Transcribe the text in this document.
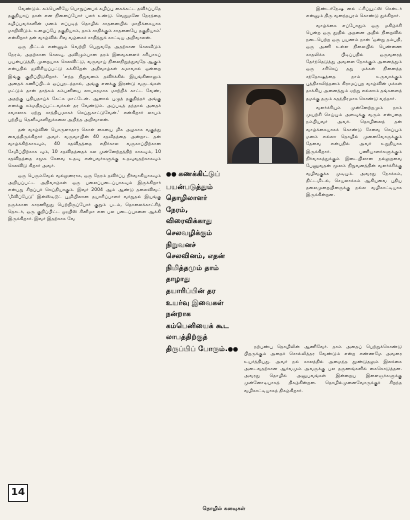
வேண்டும். கம்பெனியே பொறுப்பைக் கழிப்பு கைக்கட்ட தவிர்ப்பதே தகுதியாய் தான் என நினைப்போர் பலர் உண்டு. வெறுமனே நேரத்தை கழிப்பவர்களின் மனம் எப்படித் தொழில் சாதனையில் மாறிக்கையாக மாறிவிடும். உழைப்பே தகுதியாம், தாம் சாதிக்கும் சாதனையே தகுதியாம்' என்கிறார் தன் வாழ்வில் சிவ வழ்கைச் சாதித்துக் காட்டிய அறிவாலன்.

ஒரு திட்டம் எண்ணும் வெற்றி பெறுவதே அதற்கான செலவீடும் நேரம், அதற்கான செலவு, அவிழும்பான தரம் இவைகளைச் சரியாகப் பயன்படுத்தி, முறையாக செலவிட்டு, வருவாய் நிலைநிறுத்துவதே ஆகும் என்பதில் ஐவிசியப்பட்டு சுக்கிறேன் அதிவாழ்கள் சுமாவால் ஒன்றை இங்கு குறிப்பிடுகிறார். 'எந்த நிறுவனம் தவிர்க்கில் இயங்கினாலும் அதைக் கணிப்பிடம் ஒப்புநடத்தால், அங்கு எனக்கு இரண்டு வருடங்கள் மட்டும் தான் தாத்கம் கம்பனியை லாபகரமாக மாற்றிக் காட்ட வேண், அதற்கு புதியதாய்க் கேட்க மாட்டேன். ஆனால் புழுத் தகுதித்தர் அங்கு எனக்கு சம்மதிதப்பட்டவர்கள் தர வேண்டும். அப்படித் தந்தால் அதைச் சவாலாக ஏற்று சாத்தியமாகச் செய்துகாட்டுவேன்.' என்கிறார் லாபம் பற்றிய தெளிவுகளிதுக்கலை அறிந்த அறிவாலன்.

தன் வாழ்வின் பொருளாதார கொள் கையை மிக அழகாக வகுத்து வைத்திருக்கிறார் அவர். வருவாயின் 40 சதவீதத்தை அன்றாட தன் வாழ்க்கிற்காகவும், 40 சதவிதத்தை எதிர்கால வருகாப்பிற்கான சேமிப்பிற்காக வும், 10 சதவிதத்தைக் கல முன்னேற்றத்திற் காகவும், 10 சதவிதத்தை சமூக சேவை உதவு என்பவர்களுக்கு உதவுவதற்காகவும் செலவிடு கிறார் அவர்.

ஒரு பெரும்வேல் வல்லுனராக, ஒரு நேரம் தவிர்ப்ப நிர்வாகியாகவும் அறியப்பட்ட அதிவாழ்கள் ஒரு பலைப்படைப்பாகவும் இருக்கிறார் என்பது சிறப்புச் செய்தியாகும். இவர் 2004 ஆம் ஆண்டு தலைவிவட் 'மீவிப்பேடு' இன்ஸ்டிடூட் பூமியிலான தயாரிப்பாளர் வர்துதல் இயங்கு நருக்கான காரணிதுது பெற்றிருப்போர் குறும் படம், தொலைக்காட்சித் தொடர், ஒரு குறிப்பிட்ட லூயிஸ் சினிமா என பல படைப்புகளை ஆக்கி இருக்கிறார். இவர் இதற்காக வே

●● கணக்கிட்டுப்
பயன்படுத்தும்
தொழிலாளர்
நேரம்,
விரைவிக்காது
செலவழிக்கும்
நிறுவனச்
செலவினம், எதன்
நிமித்தமும் தாம்
தாழாது
தயாரிப்பின் தர
உயர்வு இவைகள்
நன்றாக
கம்பெனியைக் கூட
லாபத்திற்குத்
திருப்பிப் போரும்.●●

இண்டர்நேஷ னல் ட்ரிப்யூட்ஸ் சென்டர் என்னும் திரு வனந்தபுரம் கொண்டு துக்கிறார்.

வாழ்க்கை எப்போதும் ஒரு மகிழ்ச்சி பென்ற ஒரு தூதில் அதனை அதில் நிறைவில் நடைபெற்ற ஒரு பயணம் நான் 'ஒன்று தம்பதி, ஒரு அணி உள்ள நிலையில் பெண்ணை காதலிக்க பிடிப்பதில் ஒருவரைத் தேர்ந்தெடுத்து அவளை நோக்கும் அனைத்தும் ஒரு சரிசெய் தது மக்கள் நினைத்த சந்தோஷத்தை நாம் உருவாக்கும் புத்திசாலித்தனம் கிராமப்புற வாழ்வின் மக்கள் தாக்கிய அனைத்தும் ஏற்று எல்லாம் தங்களைத் தமக்கு தரும் சுதந்திரமாக கொண்டு வந்தார்.

வளர்ச்சியும் முன்னேற்றமும் நாம் முயற்சி செய்யும் அளவுக்கு வரும் என்பதை நம்பியவர் அவர். தொழிலைத் தன் வாழ்க்கையாகக் கொண்டு சேவை செய்யும் மனம் எல்லா தொழில் முனைவோருக்கும் தேவை என்பதில் அவர் உறுதியாக இருக்கிறார். பணியாளர்களுக்கும் நிர்வாகத்துக்கும் இடையிலான நல்லுறவை பேணுவதன் மூலம் நிறுவனத்தின் வளர்ச்சிக்கு வழிவகுக்க முடியும். அவரது நோக்கம், திட்டமிடல், செயலாக்கம் ஆகியவை புதிய தலைமுறையினருக்கு நல்ல வழிகாட்டியாக இருக்கின்றன.

நற்பண்பு தொழிலின் ஆணிவேர். தாம் அதைப் பெற்றுக்கொண்டு பிறருக்கும் அதைச் சொல்லித்தர வேண்டும் என்ற எண்ணமே அவரை உயர்த்தியது. அவர் நல் காலத்தில் அமைந்த தூண்டுதலும் இலக்கை அடைவதற்கான ஆர்வமும் அவருக்கு பல தருணங்களில் கைகொடுத்தன. அவரது தொழில் அனுபவங்கள் இன்றைய இளைஞர்களுக்கு முன்னோடியாகத் திகழ்கின்றன. தொழில்முனைவோருக்குச் சிறந்த வழிகாட்டியாகத் திகழ்கிறார்.

14
தொழில் கனவுகள்
